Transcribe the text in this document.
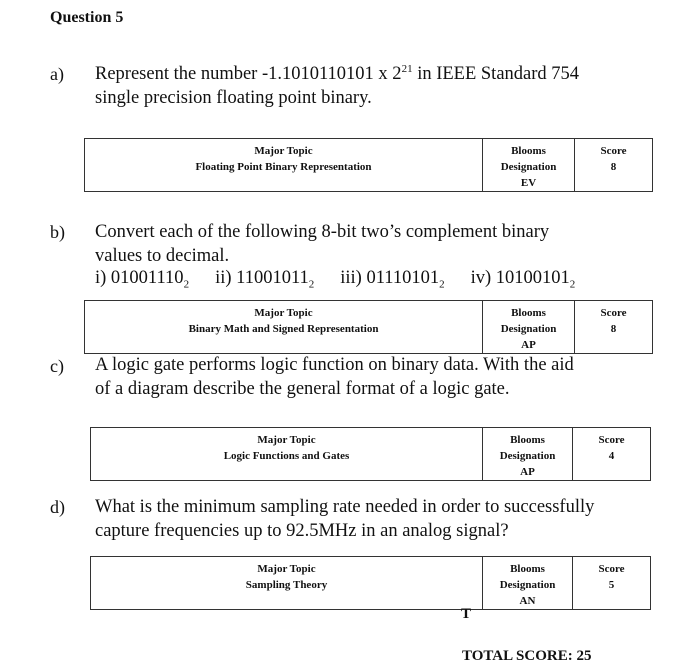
Question 5
a) Represent the number -1.1010110101 x $2^{21}$ in IEEE Standard 754
single precision floating point binary.
Major Topic
Floating Point Binary Representation

Blooms
Designation
EV

Score
8
b) Convert each of the following 8-bit two’s complement binary
values to decimal.
i) $01001110_2$ ii) $11001011_2$ iii) $01110101_2$ iv) $10100101_2$
Major Topic
Binary Math and Signed Representation

Blooms
Designation
AP

Score
8
c) A logic gate performs logic function on binary data. With the aid
of a diagram describe the general format of a logic gate.
Major Topic
Logic Functions and Gates

Blooms
Designation
AP

Score
4
d) What is the minimum sampling rate needed in order to successfully
capture frequencies up to 92.5MHz in an analog signal?
Major Topic
Sampling Theory

Blooms
Designation
AN

Score
5
T
TOTAL SCORE: 25
